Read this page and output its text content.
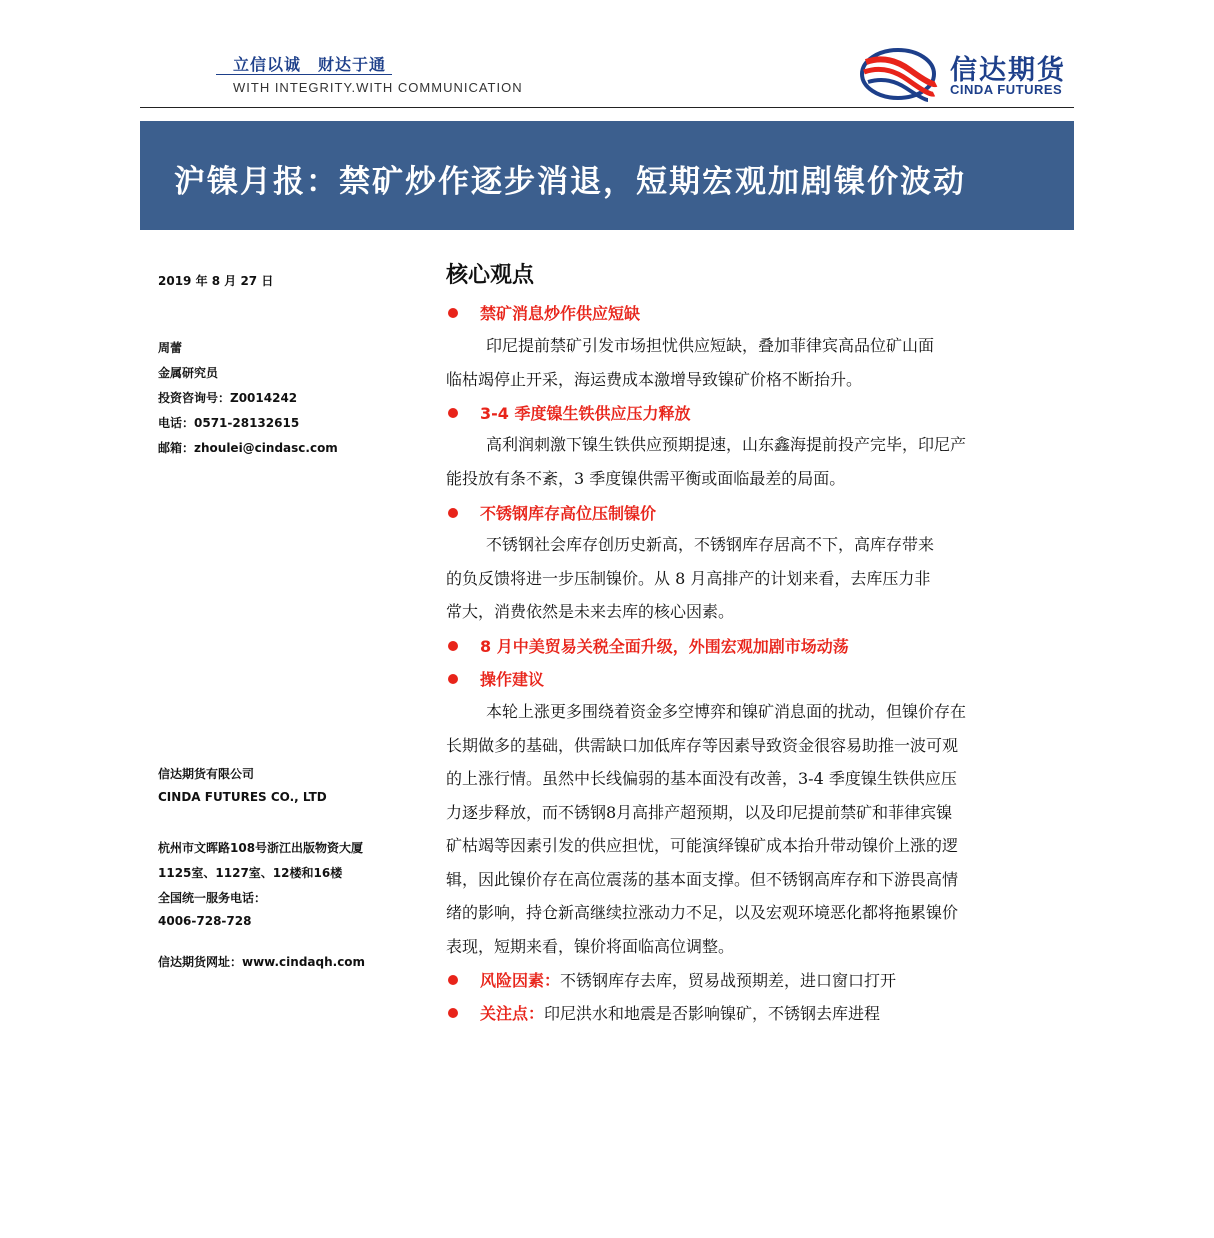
立信以诚　财达于通
WITH INTEGRITY.WITH COMMUNICATION
信达期货
CINDA FUTURES
沪镍月报：禁矿炒作逐步消退，短期宏观加剧镍价波动
2019 年 8 月 27 日
周蕾
金属研究员
投资咨询号：Z0014242
电话：0571-28132615
邮箱：zhoulei@cindasc.com
信达期货有限公司
CINDA FUTURES CO., LTD
杭州市文晖路108号浙江出版物资大厦
1125室、1127室、12楼和16楼
全国统一服务电话：
4006-728-728
信达期货网址：www.cindaqh.com
核心观点
禁矿消息炒作供应短缺
印尼提前禁矿引发市场担忧供应短缺，叠加菲律宾高品位矿山面
临枯竭停止开采，海运费成本激增导致镍矿价格不断抬升。
3-4 季度镍生铁供应压力释放
高利润刺激下镍生铁供应预期提速，山东鑫海提前投产完毕，印尼产
能投放有条不紊，3 季度镍供需平衡或面临最差的局面。
不锈钢库存高位压制镍价
不锈钢社会库存创历史新高，不锈钢库存居高不下，高库存带来
的负反馈将进一步压制镍价。从 8 月高排产的计划来看，去库压力非
常大，消费依然是未来去库的核心因素。
8 月中美贸易关税全面升级，外围宏观加剧市场动荡
操作建议
本轮上涨更多围绕着资金多空博弈和镍矿消息面的扰动，但镍价存在
长期做多的基础，供需缺口加低库存等因素导致资金很容易助推一波可观
的上涨行情。虽然中长线偏弱的基本面没有改善，3-4 季度镍生铁供应压
力逐步释放，而不锈钢8月高排产超预期，以及印尼提前禁矿和菲律宾镍
矿枯竭等因素引发的供应担忧，可能演绎镍矿成本抬升带动镍价上涨的逻
辑，因此镍价存在高位震荡的基本面支撑。但不锈钢高库存和下游畏高情
绪的影响，持仓新高继续拉涨动力不足，以及宏观环境恶化都将拖累镍价
表现，短期来看，镍价将面临高位调整。
风险因素：不锈钢库存去库，贸易战预期差，进口窗口打开
关注点：印尼洪水和地震是否影响镍矿，不锈钢去库进程
